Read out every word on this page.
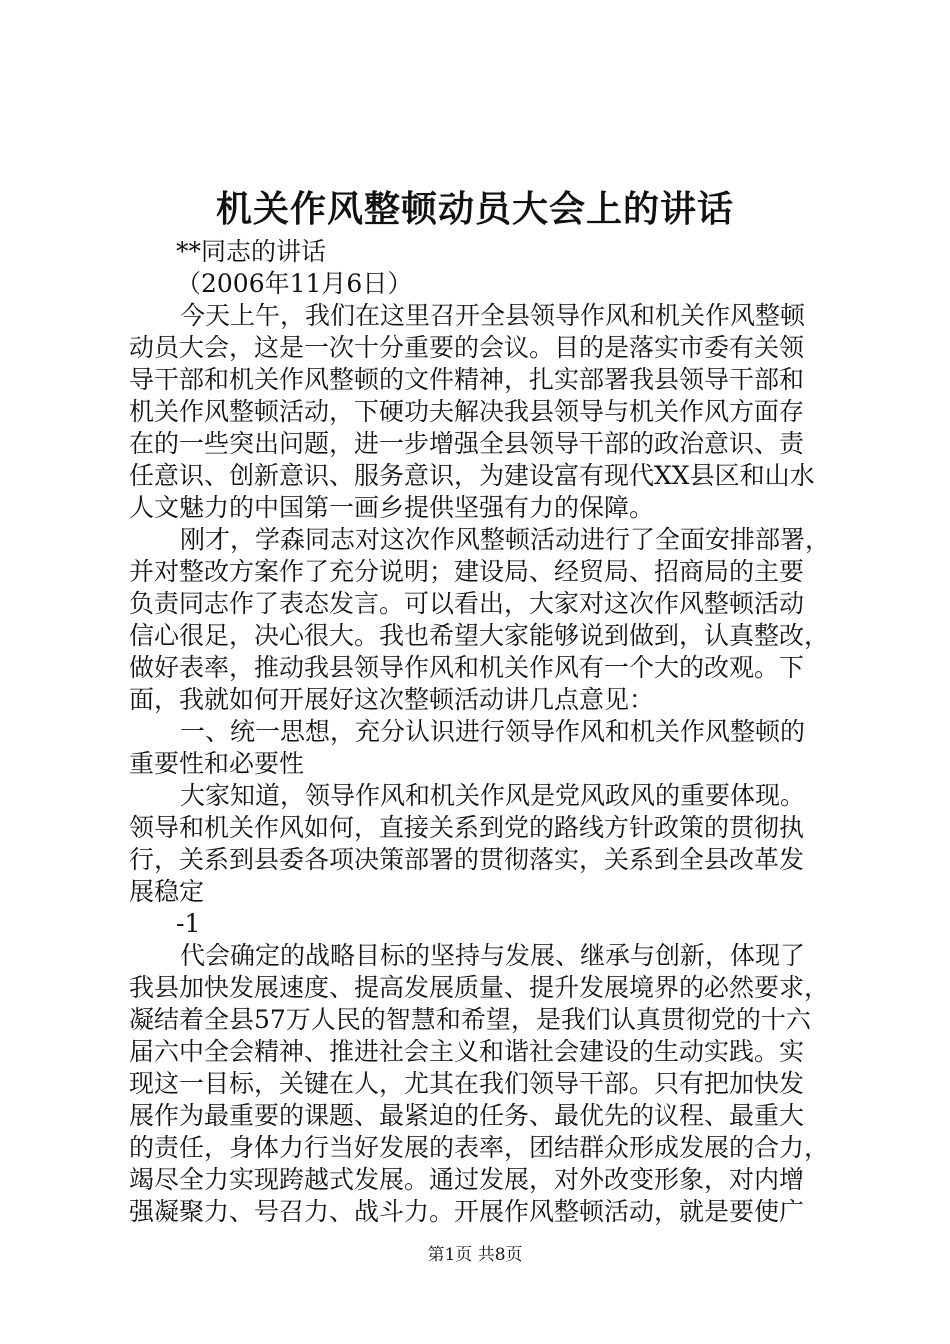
机关作风整顿动员大会上的讲话
**同志的讲话
（2006年11月6日）
今天上午，我们在这里召开全县领导作风和机关作风整顿
动员大会，这是一次十分重要的会议。目的是落实市委有关领
导干部和机关作风整顿的文件精神，扎实部署我县领导干部和
机关作风整顿活动，下硬功夫解决我县领导与机关作风方面存
在的一些突出问题，进一步增强全县领导干部的政治意识、责
任意识、创新意识、服务意识，为建设富有现代XX县区和山水
人文魅力的中国第一画乡提供坚强有力的保障。
刚才，学森同志对这次作风整顿活动进行了全面安排部署，
并对整改方案作了充分说明；建设局、经贸局、招商局的主要
负责同志作了表态发言。可以看出，大家对这次作风整顿活动
信心很足，决心很大。我也希望大家能够说到做到，认真整改，
做好表率，推动我县领导作风和机关作风有一个大的改观。下
面，我就如何开展好这次整顿活动讲几点意见：
一、统一思想，充分认识进行领导作风和机关作风整顿的
重要性和必要性
大家知道，领导作风和机关作风是党风政风的重要体现。
领导和机关作风如何，直接关系到党的路线方针政策的贯彻执
行，关系到县委各项决策部署的贯彻落实，关系到全县改革发
展稳定
-1
代会确定的战略目标的坚持与发展、继承与创新，体现了
我县加快发展速度、提高发展质量、提升发展境界的必然要求，
凝结着全县57万人民的智慧和希望，是我们认真贯彻党的十六
届六中全会精神、推进社会主义和谐社会建设的生动实践。实
现这一目标，关键在人，尤其在我们领导干部。只有把加快发
展作为最重要的课题、最紧迫的任务、最优先的议程、最重大
的责任，身体力行当好发展的表率，团结群众形成发展的合力，
竭尽全力实现跨越式发展。通过发展，对外改变形象，对内增
强凝聚力、号召力、战斗力。开展作风整顿活动，就是要使广
第1页 共8页
